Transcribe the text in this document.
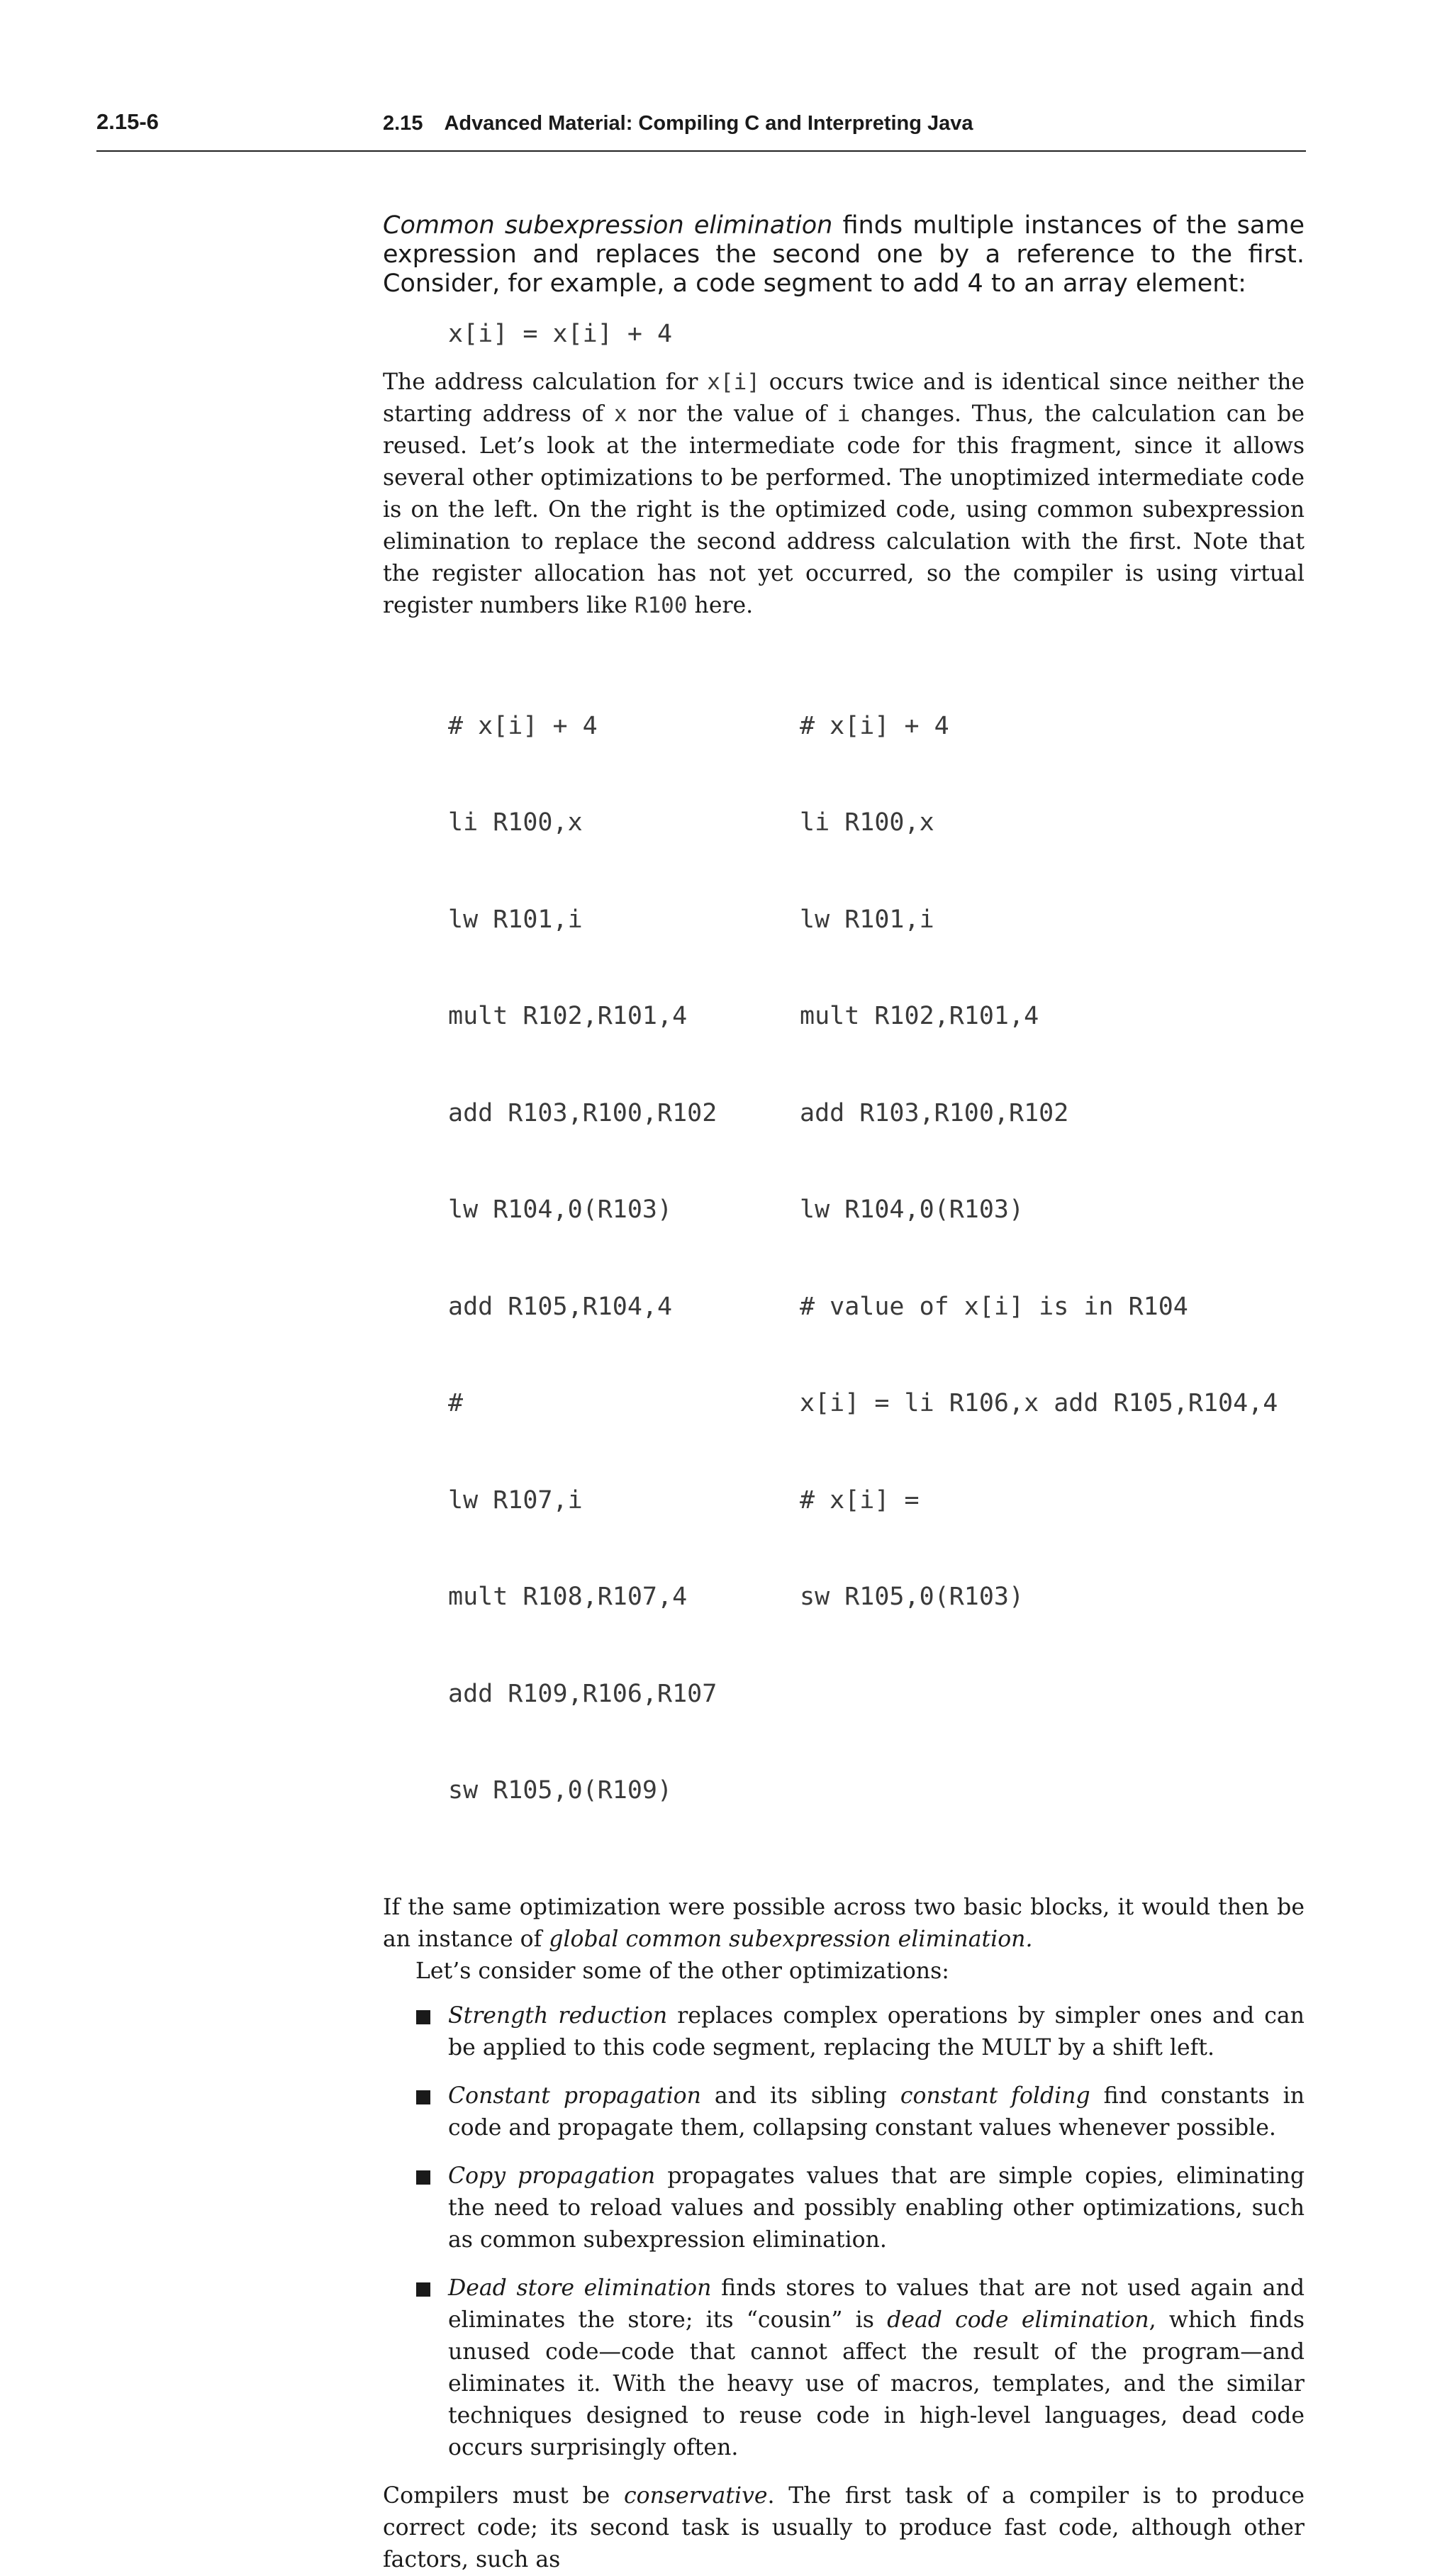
2.15-6	2.15 Advanced Material: Compiling C and Interpreting Java

Common subexpression elimination finds multiple instances of the same expression and replaces the second one by a reference to the first. Consider, for example, a code segment to add 4 to an array element:

x[i] = x[i] + 4

The address calculation for x[i] occurs twice and is identical since neither the starting address of x nor the value of i changes. Thus, the calculation can be reused. Let’s look at the intermediate code for this fragment, since it allows several other optimizations to be performed. The unoptimized intermediate code is on the left. On the right is the optimized code, using common subexpression elimination to replace the second address calculation with the first. Note that the register allocation has not yet occurred, so the compiler is using virtual register numbers like R100 here.

# x[i] + 4

li R100,x

lw R101,i

mult R102,R101,4

add R103,R100,R102

lw R104,0(R103)

add R105,R104,4

#

lw R107,i

mult R108,R107,4

add R109,R106,R107

sw R105,0(R109)

# x[i] + 4

li R100,x

lw R101,i

mult R102,R101,4

add R103,R100,R102

lw R104,0(R103)

# value of x[i] is in R104

x[i] = li R106,x add R105,R104,4

# x[i] =

sw R105,0(R103)

If the same optimization were possible across two basic blocks, it would then be an instance of global common subexpression elimination.

Let’s consider some of the other optimizations:

Strength reduction replaces complex operations by simpler ones and can be applied to this code segment, replacing the MULT by a shift left.
Constant propagation and its sibling constant folding find constants in code and propagate them, collapsing constant values whenever possible.
Copy propagation propagates values that are simple copies, eliminating the need to reload values and possibly enabling other optimizations, such as common subexpression elimination.
Dead store elimination finds stores to values that are not used again and eliminates the store; its “cousin” is dead code elimination, which finds unused code—code that cannot affect the result of the program—and eliminates it. With the heavy use of macros, templates, and the similar techniques designed to reuse code in high-level languages, dead code occurs surprisingly often.

Compilers must be conservative. The first task of a compiler is to produce correct code; its second task is usually to produce fast code, although other factors, such as
